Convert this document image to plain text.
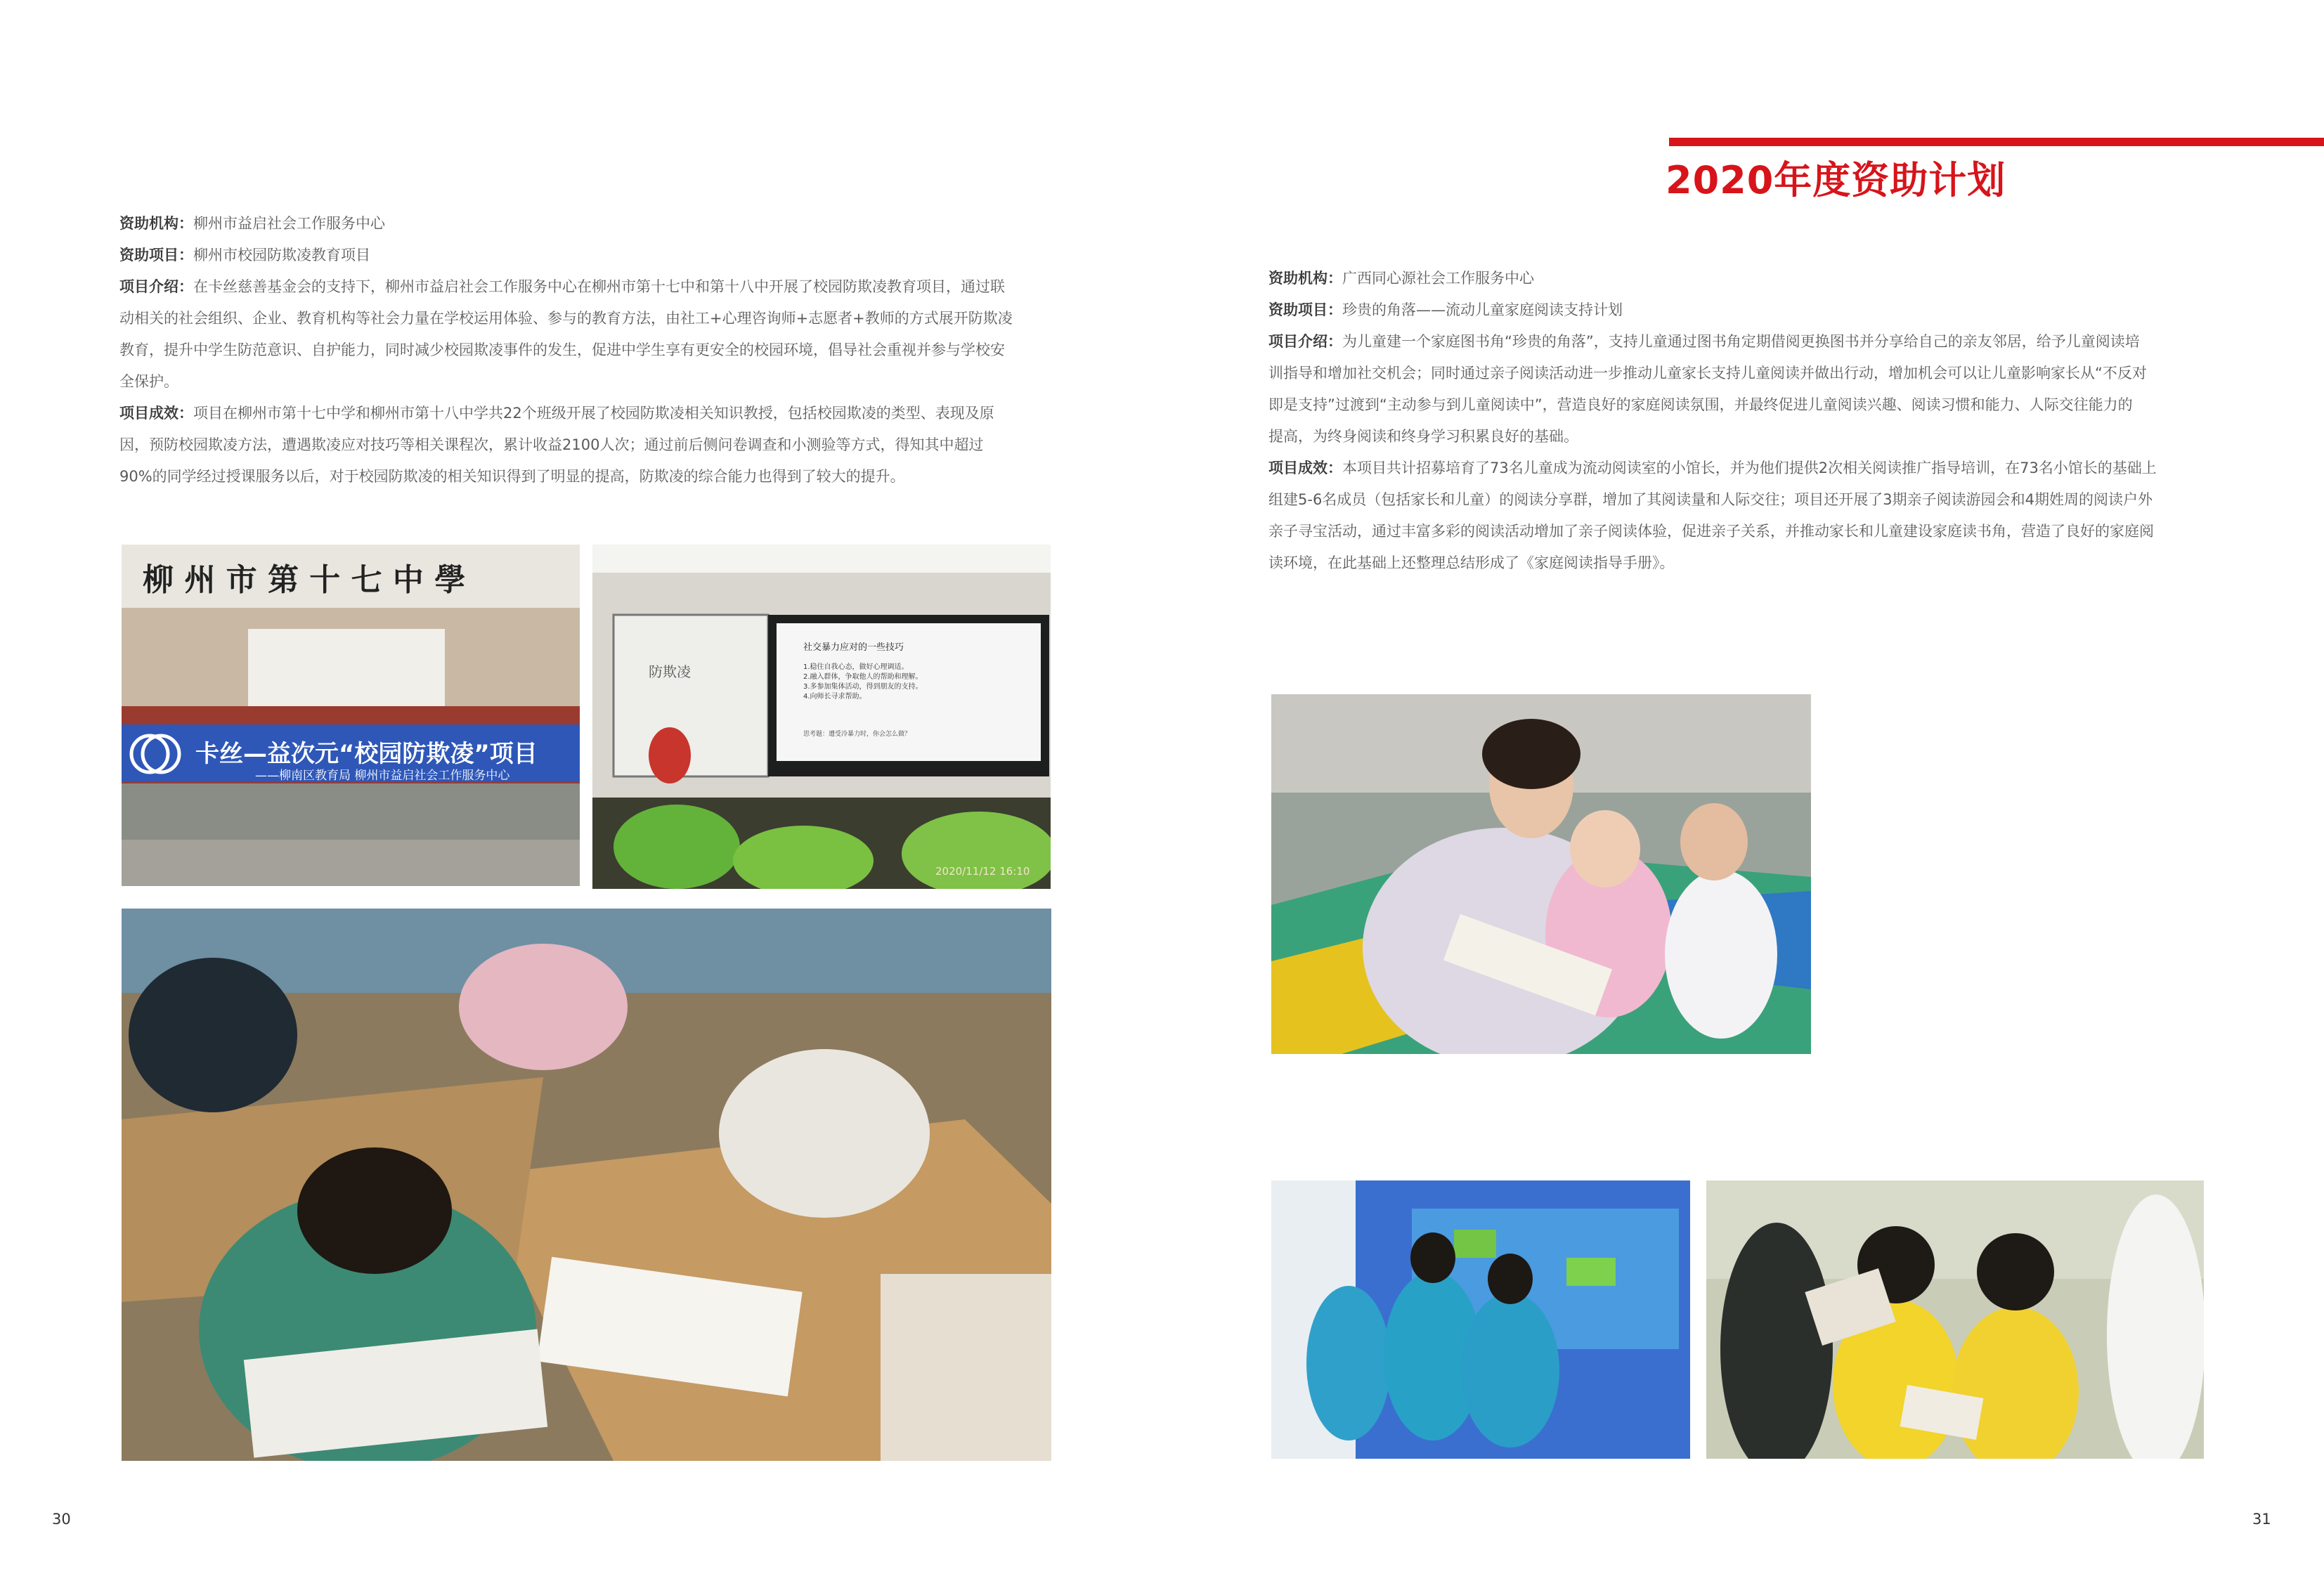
2020年度资助计划

资助机构：柳州市益启社会工作服务中心

资助项目：柳州市校园防欺凌教育项目

项目介绍：在卡丝慈善基金会的支持下，柳州市益启社会工作服务中心在柳州市第十七中和第十八中开展了校园防欺凌教育项目，通过联

动相关的社会组织、企业、教育机构等社会力量在学校运用体验、参与的教育方法，由社工+心理咨询师+志愿者+教师的方式展开防欺凌

教育，提升中学生防范意识、自护能力，同时减少校园欺凌事件的发生，促进中学生享有更安全的校园环境，倡导社会重视并参与学校安

全保护。

项目成效：项目在柳州市第十七中学和柳州市第十八中学共22个班级开展了校园防欺凌相关知识教授，包括校园欺凌的类型、表现及原

因，预防校园欺凌方法，遭遇欺凌应对技巧等相关课程次，累计收益2100人次；通过前后侧问卷调查和小测验等方式，得知其中超过

90%的同学经过授课服务以后，对于校园防欺凌的相关知识得到了明显的提高，防欺凌的综合能力也得到了较大的提升。

柳 州 市 第 十 七 中 學
卡丝—益次元“校园防欺凌”项目
——柳南区教育局 柳州市益启社会工作服务中心
防欺凌
社交暴力应对的一些技巧
1.稳住自我心态，做好心理调适。
2.融入群体，争取他人的帮助和理解。
3.多参加集体活动，得到朋友的支持。
4.向师长寻求帮助。
思考题：遭受冷暴力时，你会怎么做？
2020/11/12 16:10

资助机构：广西同心源社会工作服务中心

资助项目：珍贵的角落——流动儿童家庭阅读支持计划

项目介绍：为儿童建一个家庭图书角“珍贵的角落”，支持儿童通过图书角定期借阅更换图书并分享给自己的亲友邻居，给予儿童阅读培

训指导和增加社交机会；同时通过亲子阅读活动进一步推动儿童家长支持儿童阅读并做出行动，增加机会可以让儿童影响家长从“不反对

即是支持”过渡到“主动参与到儿童阅读中”，营造良好的家庭阅读氛围，并最终促进儿童阅读兴趣、阅读习惯和能力、人际交往能力的

提高，为终身阅读和终身学习积累良好的基础。

项目成效：本项目共计招募培育了73名儿童成为流动阅读室的小馆长，并为他们提供2次相关阅读推广指导培训，在73名小馆长的基础上

组建5-6名成员（包括家长和儿童）的阅读分享群，增加了其阅读量和人际交往；项目还开展了3期亲子阅读游园会和4期姓周的阅读户外

亲子寻宝活动，通过丰富多彩的阅读活动增加了亲子阅读体验，促进亲子关系，并推动家长和儿童建设家庭读书角，营造了良好的家庭阅

读环境，在此基础上还整理总结形成了《家庭阅读指导手册》。

30	31
